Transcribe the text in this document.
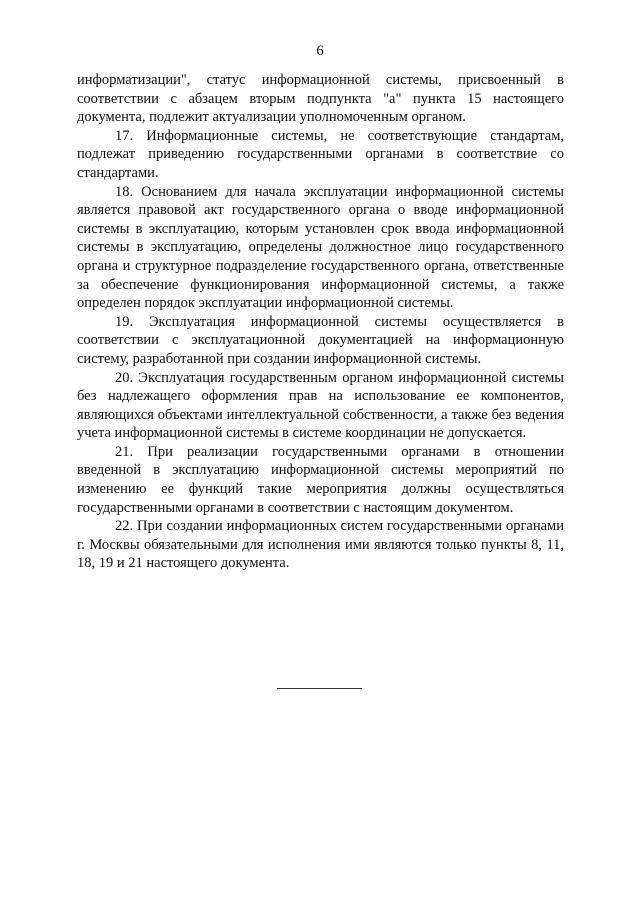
6

информатизации", статус информационной системы, присвоенный в соответствии с абзацем вторым подпункта "а" пункта 15 настоящего документа, подлежит актуализации уполномоченным органом.

17. Информационные системы, не соответствующие стандартам, подлежат приведению государственными органами в соответствие со стандартами.

18. Основанием для начала эксплуатации информационной системы является правовой акт государственного органа о вводе информационной системы в эксплуатацию, которым установлен срок ввода информационной системы в эксплуатацию, определены должностное лицо государственного органа и структурное подразделение государственного органа, ответственные за обеспечение функционирования информационной системы, а также определен порядок эксплуатации информационной системы.

19. Эксплуатация информационной системы осуществляется в соответствии с эксплуатационной документацией на информационную систему, разработанной при создании информационной системы.

20. Эксплуатация государственным органом информационной системы без надлежащего оформления прав на использование ее компонентов, являющихся объектами интеллектуальной собственности, а также без ведения учета информационной системы в системе координации не допускается.

21. При реализации государственными органами в отношении введенной в эксплуатацию информационной системы мероприятий по изменению ее функций такие мероприятия должны осуществляться государственными органами в соответствии с настоящим документом.

22. При создании информационных систем государственными органами г. Москвы обязательными для исполнения ими являются только пункты 8, 11, 18, 19 и 21 настоящего документа.
